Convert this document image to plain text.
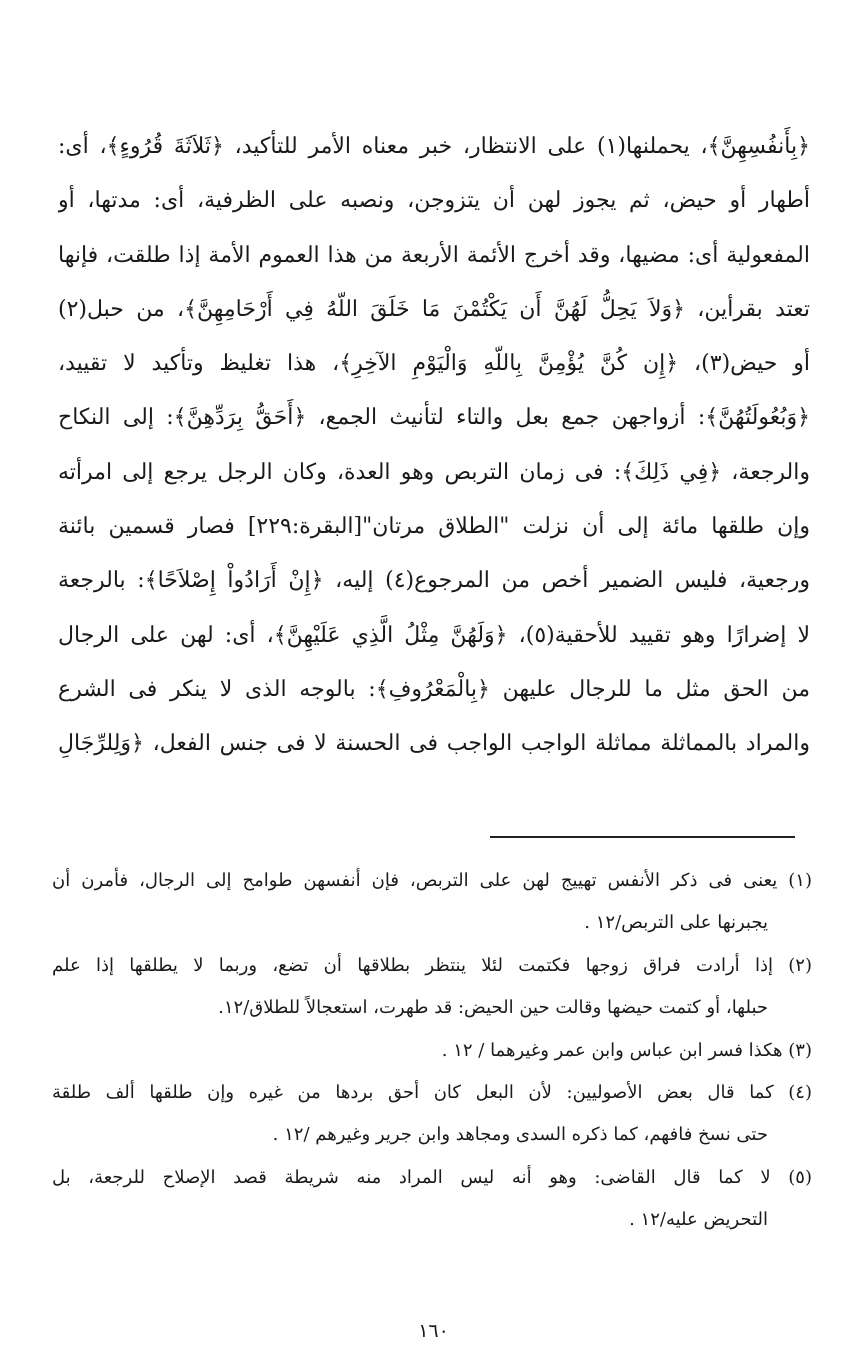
﴿بِأَنفُسِهِنَّ﴾، يحملنها(١) على الانتظار، خبر معناه الأمر للتأكيد، ﴿ثَلاَثَةَ قُرُوءٍ﴾، أى:
أطهار أو حيض، ثم يجوز لهن أن يتزوجن، ونصبه على الظرفية، أى: مدتها، أو
المفعولية أى: مضيها، وقد أخرج الأئمة الأربعة من هذا العموم الأمة إذا طلقت، فإنها
تعتد بقرأين، ﴿وَلاَ يَحِلُّ لَهُنَّ أَن يَكْتُمْنَ مَا خَلَقَ اللّهُ فِي أَرْحَامِهِنَّ﴾، من حبل(٢)
أو حيض(٣)، ﴿إِن كُنَّ يُؤْمِنَّ بِاللّهِ وَالْيَوْمِ الآخِرِ﴾، هذا تغليظ وتأكيد لا تقييد،
﴿وَبُعُولَتُهُنَّ﴾: أزواجهن جمع بعل والتاء لتأنيث الجمع، ﴿أَحَقُّ بِرَدِّهِنَّ﴾: إلى النكاح
والرجعة، ﴿فِي ذَلِكَ﴾: فى زمان التربص وهو العدة، وكان الرجل يرجع إلى امرأته
وإن طلقها مائة إلى أن نزلت "الطلاق مرتان"[البقرة:٢٢٩] فصار قسمين بائنة
ورجعية، فليس الضمير أخص من المرجوع(٤) إليه، ﴿إِنْ أَرَادُواْ إِصْلاَحًا﴾: بالرجعة
لا إضرارًا وهو تقييد للأحقية(٥)، ﴿وَلَهُنَّ مِثْلُ الَّذِي عَلَيْهِنَّ﴾، أى: لهن على الرجال
من الحق مثل ما للرجال عليهن ﴿بِالْمَعْرُوفِ﴾: بالوجه الذى لا ينكر فى الشرع
والمراد بالمماثلة مماثلة الواجب الواجب فى الحسنة لا فى جنس الفعل، ﴿وَلِلرِّجَالِ
(١) يعنى فى ذكر الأنفس تهييج لهن على التربص، فإن أنفسهن طوامح إلى الرجال، فأمرن أن
يجبرنها على التربص/١٢ .
(٢) إذا أرادت فراق زوجها فكتمت لئلا ينتظر بطلاقها أن تضع، وربما لا يطلقها إذا علم
حبلها، أو كتمت حيضها وقالت حين الحيض: قد طهرت، استعجالاً للطلاق/١٢.
(٣) هكذا فسر ابن عباس وابن عمر وغيرهما / ١٢ .
(٤) كما قال بعض الأصوليين: لأن البعل كان أحق بردها من غيره وإن طلقها ألف طلقة
حتى نسخ فافهم، كما ذكره السدى ومجاهد وابن جرير وغيرهم /١٢ .
(٥) لا كما قال القاضى: وهو أنه ليس المراد منه شريطة قصد الإصلاح للرجعة، بل
التحريض عليه/١٢ .
١٦٠
